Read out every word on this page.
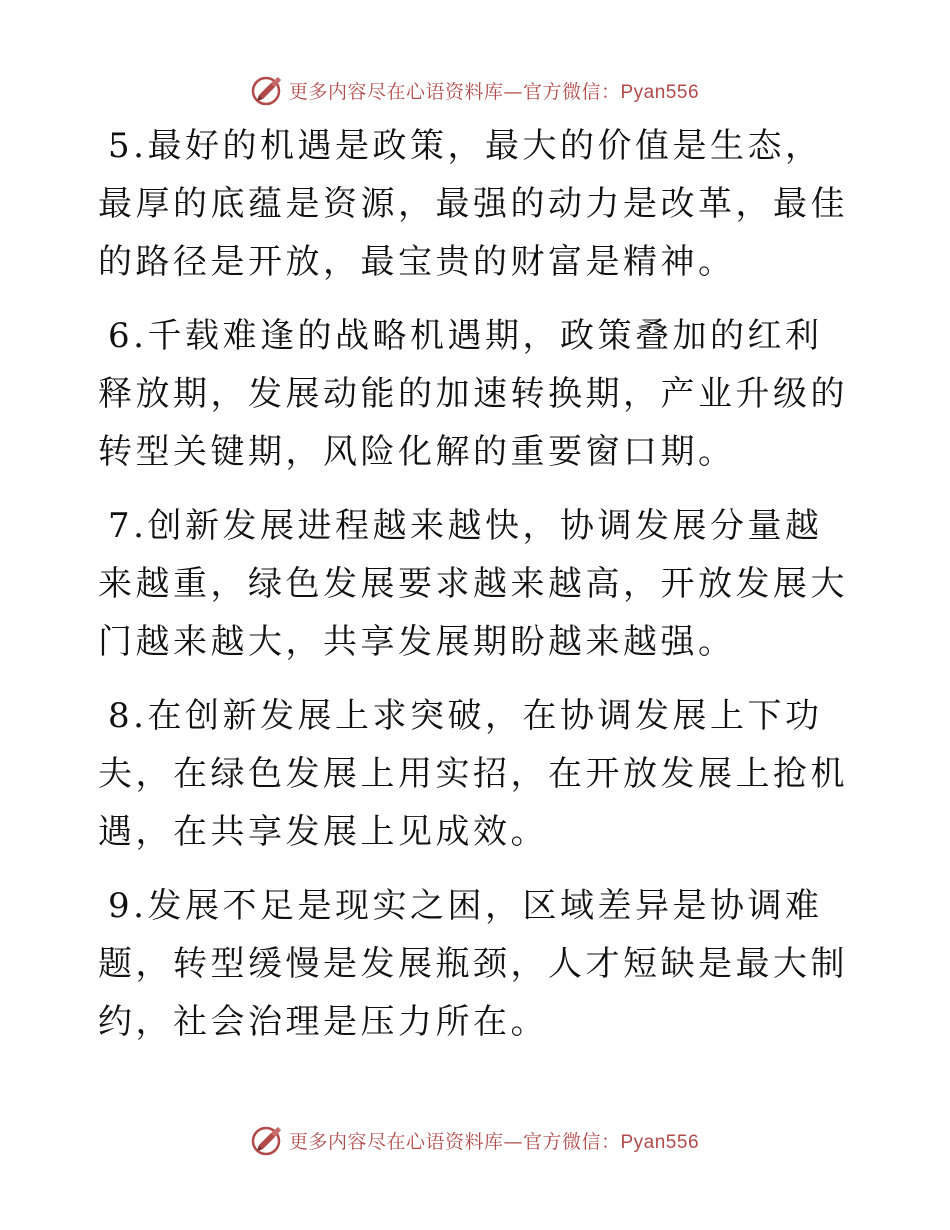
更多内容尽在心语资料库—官方微信：Pyan556

5.最好的机遇是政策，最大的价值是生态，最厚的底蕴是资源，最强的动力是改革，最佳的路径是开放，最宝贵的财富是精神。

6.千载难逢的战略机遇期，政策叠加的红利释放期，发展动能的加速转换期，产业升级的转型关键期，风险化解的重要窗口期。

7.创新发展进程越来越快，协调发展分量越来越重，绿色发展要求越来越高，开放发展大门越来越大，共享发展期盼越来越强。

8.在创新发展上求突破，在协调发展上下功夫，在绿色发展上用实招，在开放发展上抢机遇，在共享发展上见成效。

9.发展不足是现实之困，区域差异是协调难题，转型缓慢是发展瓶颈，人才短缺是最大制约，社会治理是压力所在。

更多内容尽在心语资料库—官方微信：Pyan556
